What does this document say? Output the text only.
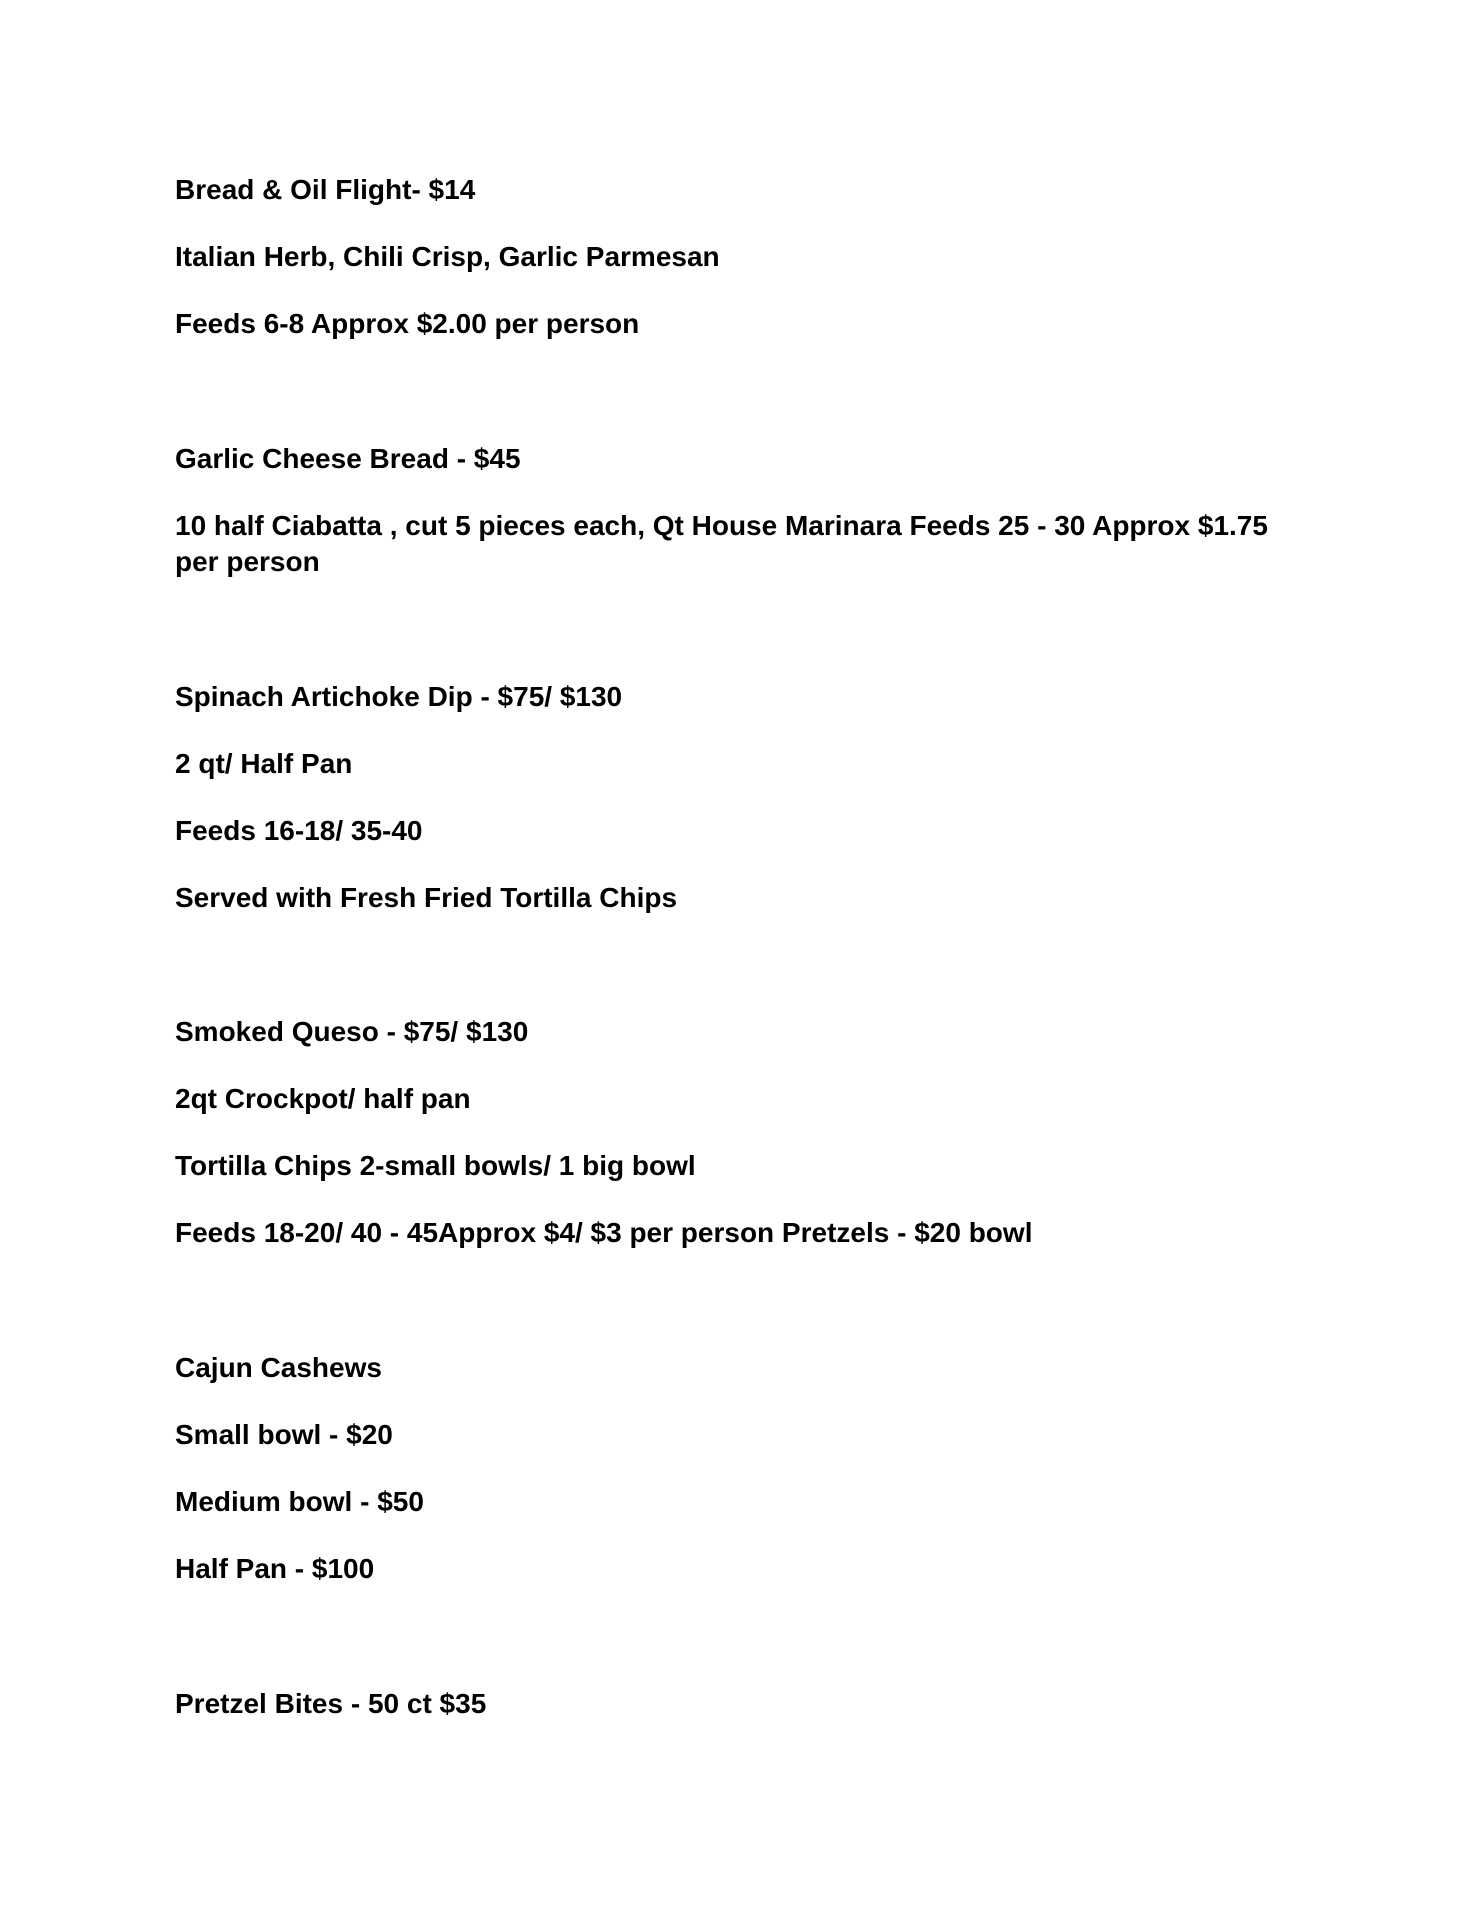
Bread & Oil Flight- $14

Italian Herb, Chili Crisp, Garlic Parmesan

Feeds 6-8 Approx $2.00 per person

Garlic Cheese Bread - $45

10 half Ciabatta , cut 5 pieces each, Qt House Marinara Feeds 25 - 30 Approx $1.75 per person

Spinach Artichoke Dip - $75/ $130

2 qt/ Half Pan

Feeds 16-18/ 35-40

Served with Fresh Fried Tortilla Chips

Smoked Queso - $75/ $130

2qt Crockpot/ half pan

Tortilla Chips 2-small bowls/ 1 big bowl

Feeds 18-20/ 40 - 45Approx $4/ $3 per person Pretzels - $20 bowl

Cajun Cashews

Small bowl - $20

Medium bowl - $50

Half Pan - $100

Pretzel Bites - 50 ct $35
